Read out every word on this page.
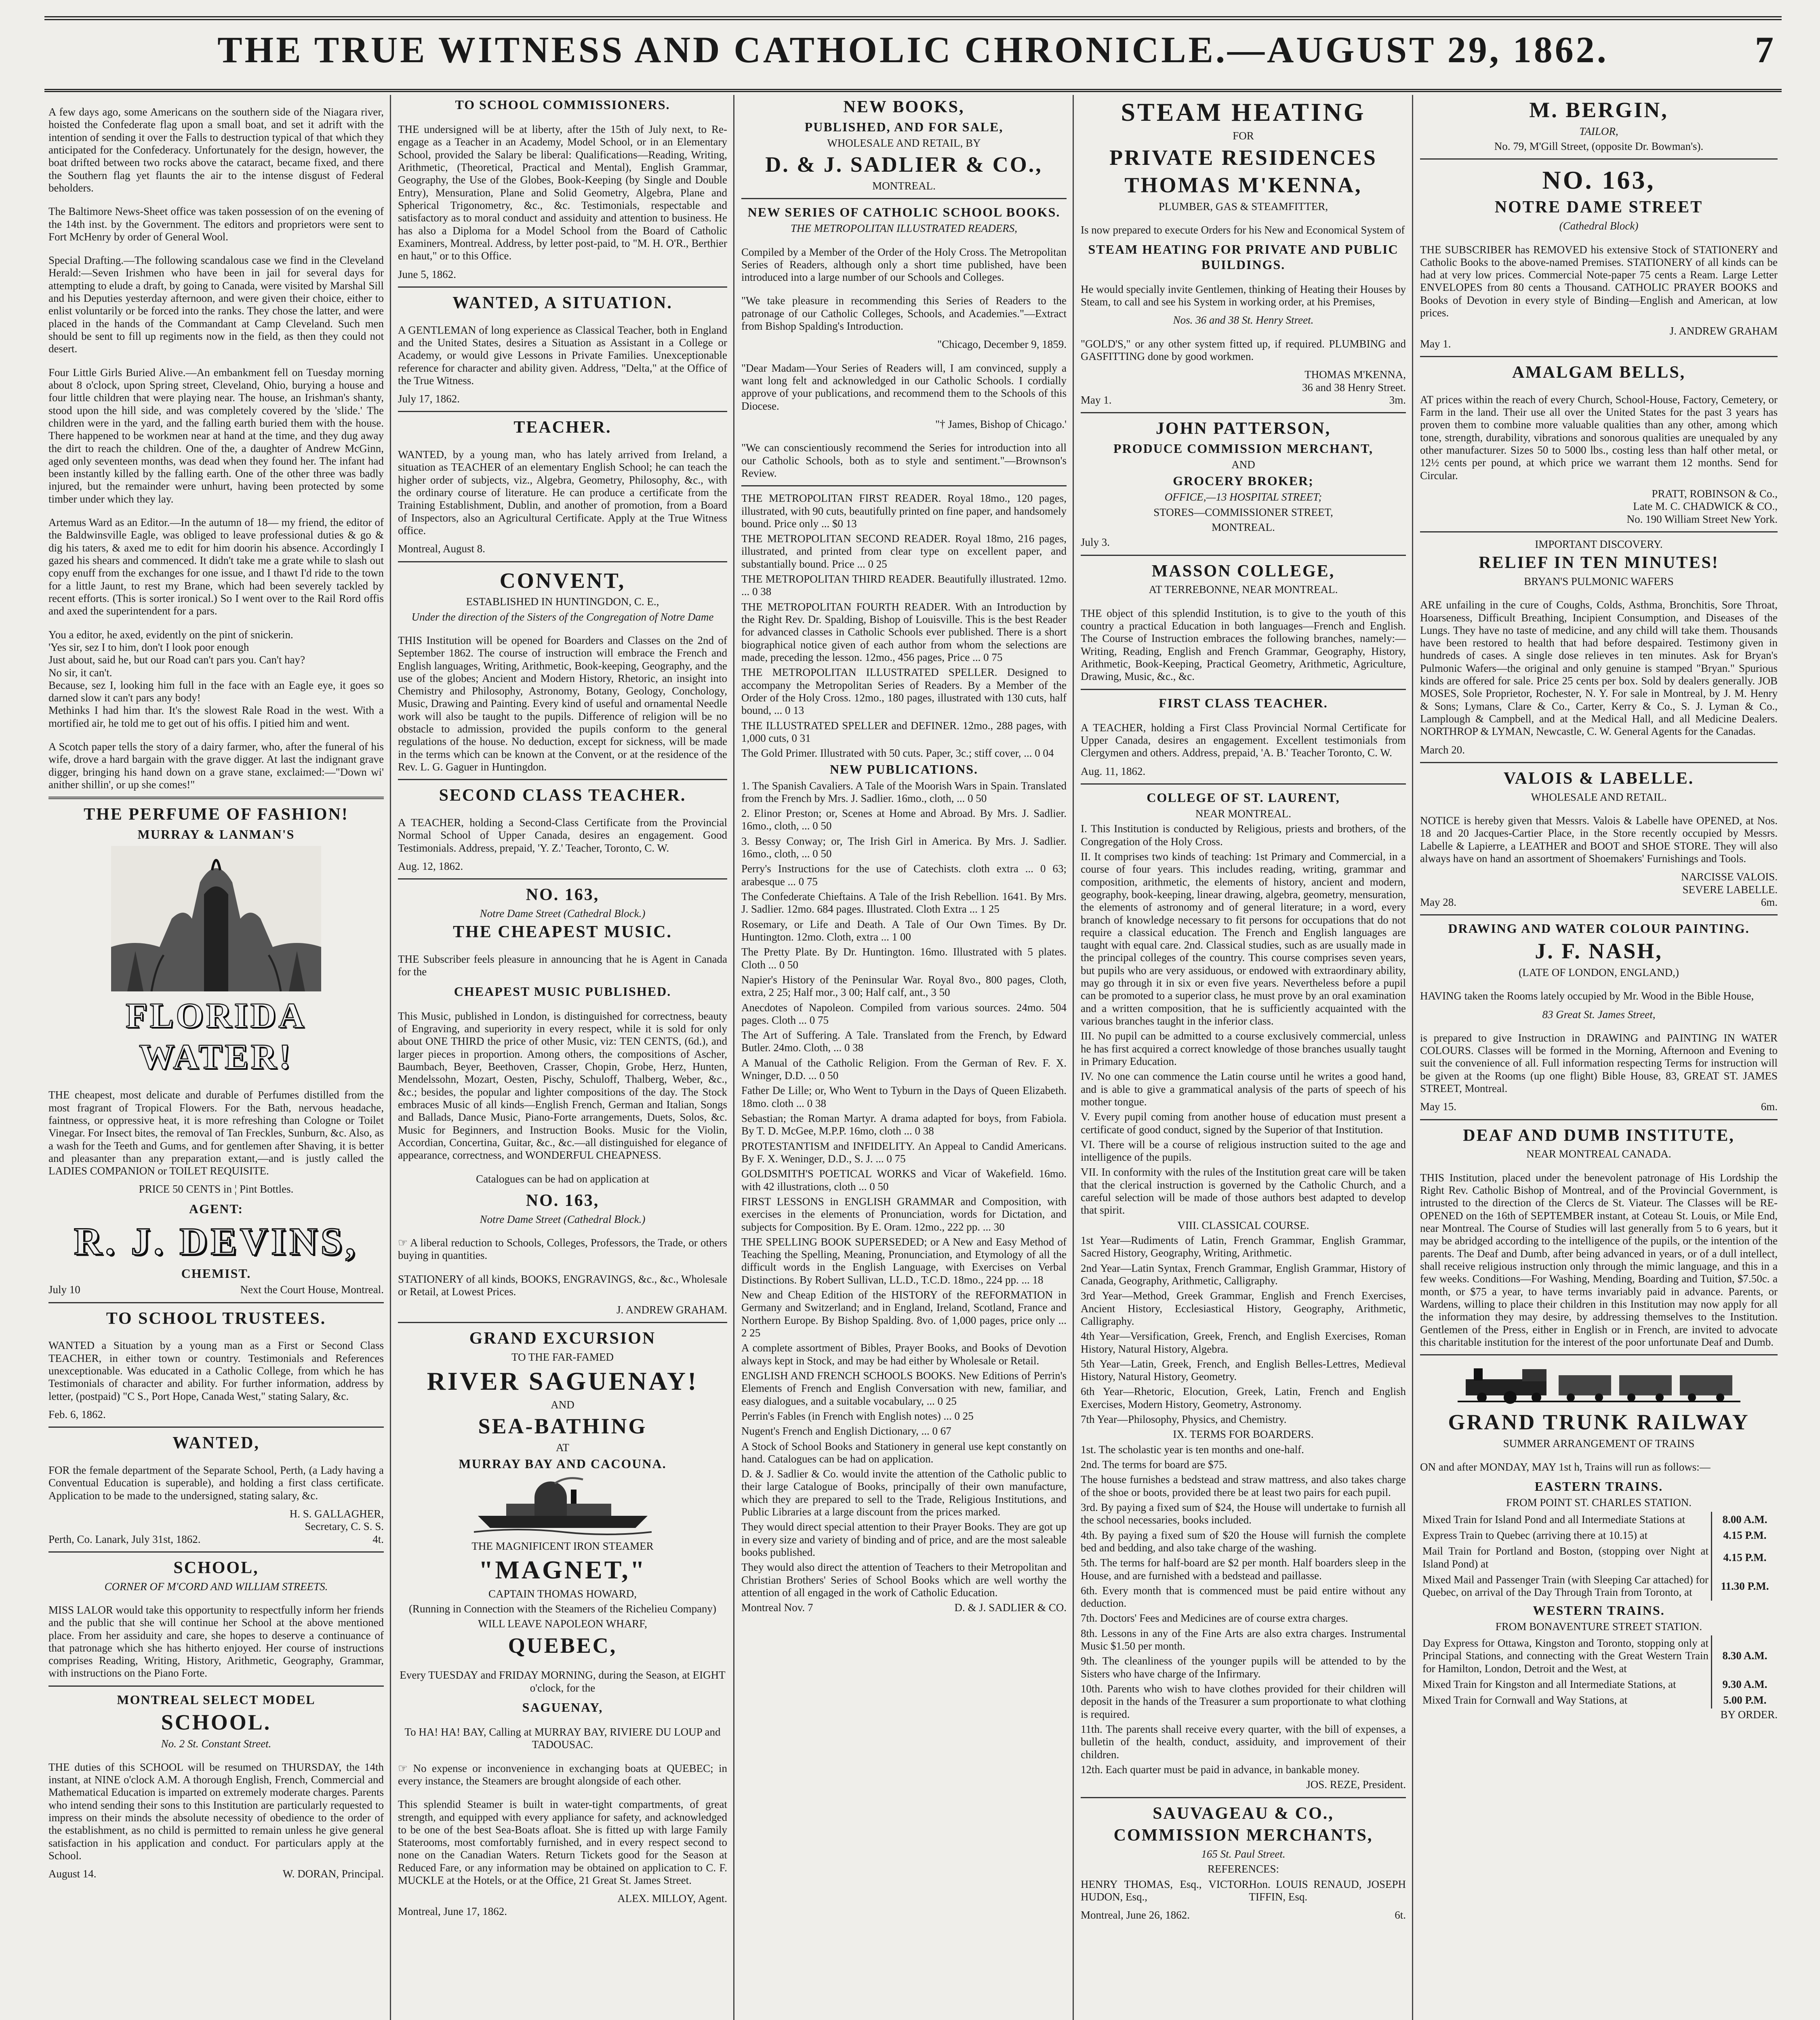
THE TRUE WITNESS AND CATHOLIC CHRONICLE.—AUGUST 29, 1862.	7

A few days ago, some Americans on the southern side of the Niagara river, hoisted the Confederate flag upon a small boat, and set it adrift with the intention of sending it over the Falls to destruction typical of that which they anticipated for the Confederacy. Unfortunately for the design, however, the boat drifted between two rocks above the cataract, became fixed, and there the Southern flag yet flaunts the air to the intense disgust of Federal beholders.

The Baltimore News-Sheet office was taken possession of on the evening of the 14th inst. by the Government. The editors and proprietors were sent to Fort McHenry by order of General Wool.

Special Drafting.—The following scandalous case we find in the Cleveland Herald:—Seven Irishmen who have been in jail for several days for attempting to elude a draft, by going to Canada, were visited by Marshal Sill and his Deputies yesterday afternoon, and were given their choice, either to enlist voluntarily or be forced into the ranks. They chose the latter, and were placed in the hands of the Commandant at Camp Cleveland. Such men should be sent to fill up regiments now in the field, as then they could not desert.

Four Little Girls Buried Alive.—An embankment fell on Tuesday morning about 8 o'clock, upon Spring street, Cleveland, Ohio, burying a house and four little children that were playing near. The house, an Irishman's shanty, stood upon the hill side, and was completely covered by the 'slide.' The children were in the yard, and the falling earth buried them with the house. There happened to be workmen near at hand at the time, and they dug away the dirt to reach the children. One of the, a daughter of Andrew McGinn, aged only seventeen months, was dead when they found her. The infant had been instantly killed by the falling earth. One of the other three was badly injured, but the remainder were unhurt, having been protected by some timber under which they lay.

Artemus Ward as an Editor.—In the autumn of 18— my friend, the editor of the Baldwinsville Eagle, was obliged to leave professional duties & go & dig his taters, & axed me to edit for him doorin his absence. Accordingly I gazed his shears and commenced. It didn't take me a grate while to slash out copy enuff from the exchanges for one issue, and I thawt I'd ride to the town for a little Jaunt, to rest my Brane, which had been severely tackled by recent efforts. (This is sorter ironical.) So I went over to the Rail Rord offis and axed the superintendent for a pars.

You a editor, he axed, evidently on the pint of snickerin.
'Yes sir, sez I to him, don't I look poor enough
Just about, said he, but our Road can't pars you. Can't hay?
No sir, it can't.
Because, sez I, looking him full in the face with an Eagle eye, it goes so darned slow it can't pars any body!
Methinks I had him thar. It's the slowest Rale Road in the west. With a mortified air, he told me to get out of his offis. I pitied him and went.

A Scotch paper tells the story of a dairy farmer, who, after the funeral of his wife, drove a hard bargain with the grave digger. At last the indignant grave digger, bringing his hand down on a grave stane, exclaimed:—"Down wi' anither shillin', or up she comes!"

THE PERFUME OF FASHION!
MURRAY & LANMAN'S
FLORIDA WATER!

THE cheapest, most delicate and durable of Perfumes distilled from the most fragrant of Tropical Flowers. For the Bath, nervous headache, faintness, or oppressive heat, it is more refreshing than Cologne or Toilet Vinegar. For Insect bites, the removal of Tan Freckles, Sunburn, &c. Also, as a wash for the Teeth and Gums, and for gentlemen after Shaving, it is better and pleasanter than any preparation extant,—and is justly called the LADIES COMPANION or TOILET REQUISITE.

PRICE 50 CENTS in ¦ Pint Bottles.
AGENT:
R. J. DEVINS,
CHEMIST.
July 10	Next the Court House, Montreal.
TO SCHOOL TRUSTEES.

WANTED a Situation by a young man as a First or Second Class TEACHER, in either town or country. Testimonials and References unexceptionable. Was educated in a Catholic College, from which he has Testimonials of character and ability. For further information, address by letter, (postpaid) "C S., Port Hope, Canada West," stating Salary, &c.

Feb. 6, 1862.
WANTED,

FOR the female department of the Separate School, Perth, (a Lady having a Conventual Education is superable), and holding a first class certificate. Application to be made to the undersigned, stating salary, &c.

H. S. GALLAGHER,
Secretary, C. S. S.
Perth, Co. Lanark, July 31st, 1862.	4t.
SCHOOL,
CORNER OF M'CORD AND WILLIAM STREETS.

MISS LALOR would take this opportunity to respectfully inform her friends and the public that she will continue her School at the above mentioned place. From her assiduity and care, she hopes to deserve a continuance of that patronage which she has hitherto enjoyed. Her course of instructions comprises Reading, Writing, History, Arithmetic, Geography, Grammar, with instructions on the Piano Forte.

MONTREAL SELECT MODEL
SCHOOL.
No. 2 St. Constant Street.

THE duties of this SCHOOL will be resumed on THURSDAY, the 14th instant, at NINE o'clock A.M. A thorough English, French, Commercial and Mathematical Education is imparted on extremely moderate charges. Parents who intend sending their sons to this Institution are particularly requested to impress on their minds the absolute necessity of obedience to the order of the establishment, as no child is permitted to remain unless he give general satisfaction in his application and conduct. For particulars apply at the School.

August 14.	W. DORAN, Principal.
TO SCHOOL COMMISSIONERS.

THE undersigned will be at liberty, after the 15th of July next, to Re-engage as a Teacher in an Academy, Model School, or in an Elementary School, provided the Salary be liberal: Qualifications—Reading, Writing, Arithmetic, (Theoretical, Practical and Mental), English Grammar, Geography, the Use of the Globes, Book-Keeping (by Single and Double Entry), Mensuration, Plane and Solid Geometry, Algebra, Plane and Spherical Trigonometry, &c., &c. Testimonials, respectable and satisfactory as to moral conduct and assiduity and attention to business. He has also a Diploma for a Model School from the Board of Catholic Examiners, Montreal. Address, by letter post-paid, to "M. H. O'R., Berthier en haut," or to this Office.

June 5, 1862.
WANTED, A SITUATION.

A GENTLEMAN of long experience as Classical Teacher, both in England and the United States, desires a Situation as Assistant in a College or Academy, or would give Lessons in Private Families. Unexceptionable reference for character and ability given. Address, "Delta," at the Office of the True Witness.

July 17, 1862.
TEACHER.

WANTED, by a young man, who has lately arrived from Ireland, a situation as TEACHER of an elementary English School; he can teach the higher order of subjects, viz., Algebra, Geometry, Philosophy, &c., with the ordinary course of literature. He can produce a certificate from the Training Establishment, Dublin, and another of promotion, from a Board of Inspectors, also an Agricultural Certificate. Apply at the True Witness office.

Montreal, August 8.
CONVENT,
ESTABLISHED IN HUNTINGDON, C. E.,
Under the direction of the Sisters of the Congregation of Notre Dame

THIS Institution will be opened for Boarders and Classes on the 2nd of September 1862. The course of instruction will embrace the French and English languages, Writing, Arithmetic, Book-keeping, Geography, and the use of the globes; Ancient and Modern History, Rhetoric, an insight into Chemistry and Philosophy, Astronomy, Botany, Geology, Conchology, Music, Drawing and Painting. Every kind of useful and ornamental Needle work will also be taught to the pupils. Difference of religion will be no obstacle to admission, provided the pupils conform to the general regulations of the house. No deduction, except for sickness, will be made in the terms which can be known at the Convent, or at the residence of the Rev. L. G. Gaguer in Huntingdon.

SECOND CLASS TEACHER.

A TEACHER, holding a Second-Class Certificate from the Provincial Normal School of Upper Canada, desires an engagement. Good Testimonials. Address, prepaid, 'Y. Z.' Teacher, Toronto, C. W.

Aug. 12, 1862.
NO. 163,
Notre Dame Street (Cathedral Block.)
THE CHEAPEST MUSIC.

THE Subscriber feels pleasure in announcing that he is Agent in Canada for the

CHEAPEST MUSIC PUBLISHED.

This Music, published in London, is distinguished for correctness, beauty of Engraving, and superiority in every respect, while it is sold for only about ONE THIRD the price of other Music, viz: TEN CENTS, (6d.), and larger pieces in proportion. Among others, the compositions of Ascher, Baumbach, Beyer, Beethoven, Crasser, Chopin, Grobe, Herz, Hunten, Mendelssohn, Mozart, Oesten, Pischy, Schuloff, Thalberg, Weber, &c., &c.; besides, the popular and lighter compositions of the day. The Stock embraces Music of all kinds—English French, German and Italian, Songs and Ballads, Dance Music, Piano-Forte arrangements, Duets, Solos, &c. Music for Beginners, and Instruction Books. Music for the Violin, Accordian, Concertina, Guitar, &c., &c.—all distinguished for elegance of appearance, correctness, and WONDERFUL CHEAPNESS.

Catalogues can be had on application at

NO. 163,
Notre Dame Street (Cathedral Block.)

☞ A liberal reduction to Schools, Colleges, Professors, the Trade, or others buying in quantities.

STATIONERY of all kinds, BOOKS, ENGRAVINGS, &c., &c., Wholesale or Retail, at Lowest Prices.

J. ANDREW GRAHAM.
GRAND EXCURSION
TO THE FAR-FAMED
RIVER SAGUENAY!
AND
SEA-BATHING
AT
MURRAY BAY AND CACOUNA.
THE MAGNIFICENT IRON STEAMER
"MAGNET,"
CAPTAIN THOMAS HOWARD,
(Running in Connection with the Steamers of the Richelieu Company)
WILL LEAVE NAPOLEON WHARF,
QUEBEC,

Every TUESDAY and FRIDAY MORNING, during the Season, at EIGHT o'clock, for the

SAGUENAY,

To HA! HA! BAY, Calling at MURRAY BAY, RIVIERE DU LOUP and TADOUSAC.

☞ No expense or inconvenience in exchanging boats at QUEBEC; in every instance, the Steamers are brought alongside of each other.

This splendid Steamer is built in water-tight compartments, of great strength, and equipped with every appliance for safety, and acknowledged to be one of the best Sea-Boats afloat. She is fitted up with large Family Staterooms, most comfortably furnished, and in every respect second to none on the Canadian Waters. Return Tickets good for the Season at Reduced Fare, or any information may be obtained on application to C. F. MUCKLE at the Hotels, or at the Office, 21 Great St. James Street.

ALEX. MILLOY, Agent.
Montreal, June 17, 1862.
NEW BOOKS,
PUBLISHED, AND FOR SALE,
WHOLESALE AND RETAIL, BY
D. & J. SADLIER & CO.,
MONTREAL.
NEW SERIES OF CATHOLIC SCHOOL BOOKS.
THE METROPOLITAN ILLUSTRATED READERS,

Compiled by a Member of the Order of the Holy Cross. The Metropolitan Series of Readers, although only a short time published, have been introduced into a large number of our Schools and Colleges.

"We take pleasure in recommending this Series of Readers to the patronage of our Catholic Colleges, Schools, and Academies."—Extract from Bishop Spalding's Introduction.

"Chicago, December 9, 1859.

"Dear Madam—Your Series of Readers will, I am convinced, supply a want long felt and acknowledged in our Catholic Schools. I cordially approve of your publications, and recommend them to the Schools of this Diocese.

"† James, Bishop of Chicago.'

"We can conscientiously recommend the Series for introduction into all our Catholic Schools, both as to style and sentiment."—Brownson's Review.

THE METROPOLITAN FIRST READER. Royal 18mo., 120 pages, illustrated, with 90 cuts, beautifully printed on fine paper, and handsomely bound. Price only ... $0 13

THE METROPOLITAN SECOND READER. Royal 18mo, 216 pages, illustrated, and printed from clear type on excellent paper, and substantially bound. Price ... 0 25

THE METROPOLITAN THIRD READER. Beautifully illustrated. 12mo. ... 0 38

THE METROPOLITAN FOURTH READER. With an Introduction by the Right Rev. Dr. Spalding, Bishop of Louisville. This is the best Reader for advanced classes in Catholic Schools ever published. There is a short biographical notice given of each author from whom the selections are made, preceding the lesson. 12mo., 456 pages, Price ... 0 75

THE METROPOLITAN ILLUSTRATED SPELLER. Designed to accompany the Metropolitan Series of Readers. By a Member of the Order of the Holy Cross. 12mo., 180 pages, illustrated with 130 cuts, half bound, ... 0 13

THE ILLUSTRATED SPELLER and DEFINER. 12mo., 288 pages, with 1,000 cuts, 0 31

The Gold Primer. Illustrated with 50 cuts. Paper, 3c.; stiff cover, ... 0 04

NEW PUBLICATIONS.

1. The Spanish Cavaliers. A Tale of the Moorish Wars in Spain. Translated from the French by Mrs. J. Sadlier. 16mo., cloth, ... 0 50

2. Elinor Preston; or, Scenes at Home and Abroad. By Mrs. J. Sadlier. 16mo., cloth, ... 0 50

3. Bessy Conway; or, The Irish Girl in America. By Mrs. J. Sadlier. 16mo., cloth, ... 0 50

Perry's Instructions for the use of Catechists. cloth extra ... 0 63; arabesque ... 0 75

The Confederate Chieftains. A Tale of the Irish Rebellion. 1641. By Mrs. J. Sadlier. 12mo. 684 pages. Illustrated. Cloth Extra ... 1 25

Rosemary, or Life and Death. A Tale of Our Own Times. By Dr. Huntington. 12mo. Cloth, extra ... 1 00

The Pretty Plate. By Dr. Huntington. 16mo. Illustrated with 5 plates. Cloth ... 0 50

Napier's History of the Peninsular War. Royal 8vo., 800 pages, Cloth, extra, 2 25; Half mor., 3 00; Half calf, ant., 3 50

Anecdotes of Napoleon. Compiled from various sources. 24mo. 504 pages. Cloth ... 0 75

The Art of Suffering. A Tale. Translated from the French, by Edward Butler. 24mo. Cloth, ... 0 38

A Manual of the Catholic Religion. From the German of Rev. F. X. Wninger, D.D. ... 0 50

Father De Lille; or, Who Went to Tyburn in the Days of Queen Elizabeth. 18mo. cloth ... 0 38

Sebastian; the Roman Martyr. A drama adapted for boys, from Fabiola. By T. D. McGee, M.P.P. 16mo, cloth ... 0 38

PROTESTANTISM and INFIDELITY. An Appeal to Candid Americans. By F. X. Weninger, D.D., S. J. ... 0 75

GOLDSMITH'S POETICAL WORKS and Vicar of Wakefield. 16mo. with 42 illustrations, cloth ... 0 50

FIRST LESSONS in ENGLISH GRAMMAR and Composition, with exercises in the elements of Pronunciation, words for Dictation, and subjects for Composition. By E. Oram. 12mo., 222 pp. ... 30

THE SPELLING BOOK SUPERSEDED; or A New and Easy Method of Teaching the Spelling, Meaning, Pronunciation, and Etymology of all the difficult words in the English Language, with Exercises on Verbal Distinctions. By Robert Sullivan, LL.D., T.C.D. 18mo., 224 pp. ... 18

New and Cheap Edition of the HISTORY of the REFORMATION in Germany and Switzerland; and in England, Ireland, Scotland, France and Northern Europe. By Bishop Spalding. 8vo. of 1,000 pages, price only ... 2 25

A complete assortment of Bibles, Prayer Books, and Books of Devotion always kept in Stock, and may be had either by Wholesale or Retail.

ENGLISH AND FRENCH SCHOOLS BOOKS. New Editions of Perrin's Elements of French and English Conversation with new, familiar, and easy dialogues, and a suitable vocabulary, ... 0 25

Perrin's Fables (in French with English notes) ... 0 25

Nugent's French and English Dictionary, ... 0 67

A Stock of School Books and Stationery in general use kept constantly on hand. Catalogues can be had on application.

D. & J. Sadlier & Co. would invite the attention of the Catholic public to their large Catalogue of Books, principally of their own manufacture, which they are prepared to sell to the Trade, Religious Institutions, and Public Libraries at a large discount from the prices marked.

They would direct special attention to their Prayer Books. They are got up in every size and variety of binding and of price, and are the most saleable books published.

They would also direct the attention of Teachers to their Metropolitan and Christian Brothers' Series of School Books which are well worthy the attention of all engaged in the work of Catholic Education.

Montreal Nov. 7	D. & J. SADLIER & CO.
STEAM HEATING
FOR
PRIVATE RESIDENCES
THOMAS M'KENNA,
PLUMBER, GAS & STEAMFITTER,

Is now prepared to execute Orders for his New and Economical System of

STEAM HEATING FOR PRIVATE AND PUBLIC BUILDINGS.

He would specially invite Gentlemen, thinking of Heating their Houses by Steam, to call and see his System in working order, at his Premises,

Nos. 36 and 38 St. Henry Street.

"GOLD'S," or any other system fitted up, if required. PLUMBING and GASFITTING done by good workmen.

THOMAS M'KENNA,
36 and 38 Henry Street.
May 1.	3m.
JOHN PATTERSON,
PRODUCE COMMISSION MERCHANT,
AND
GROCERY BROKER;
OFFICE,—13 HOSPITAL STREET;
STORES—COMMISSIONER STREET,
MONTREAL.
July 3.
MASSON COLLEGE,
AT TERREBONNE, NEAR MONTREAL.

THE object of this splendid Institution, is to give to the youth of this country a practical Education in both languages—French and English. The Course of Instruction embraces the following branches, namely:—Writing, Reading, English and French Grammar, Geography, History, Arithmetic, Book-Keeping, Practical Geometry, Arithmetic, Agriculture, Drawing, Music, &c., &c.

FIRST CLASS TEACHER.

A TEACHER, holding a First Class Provincial Normal Certificate for Upper Canada, desires an engagement. Excellent testimonials from Clergymen and others. Address, prepaid, 'A. B.' Teacher Toronto, C. W.

Aug. 11, 1862.
COLLEGE OF ST. LAURENT,
NEAR MONTREAL.

I. This Institution is conducted by Religious, priests and brothers, of the Congregation of the Holy Cross.

II. It comprises two kinds of teaching: 1st Primary and Commercial, in a course of four years. This includes reading, writing, grammar and composition, arithmetic, the elements of history, ancient and modern, geography, book-keeping, linear drawing, algebra, geometry, mensuration, the elements of astronomy and of general literature; in a word, every branch of knowledge necessary to fit persons for occupations that do not require a classical education. The French and English languages are taught with equal care. 2nd. Classical studies, such as are usually made in the principal colleges of the country. This course comprises seven years, but pupils who are very assiduous, or endowed with extraordinary ability, may go through it in six or even five years. Nevertheless before a pupil can be promoted to a superior class, he must prove by an oral examination and a written composition, that he is sufficiently acquainted with the various branches taught in the inferior class.

III. No pupil can be admitted to a course exclusively commercial, unless he has first acquired a correct knowledge of those branches usually taught in Primary Education.

IV. No one can commence the Latin course until he writes a good hand, and is able to give a grammatical analysis of the parts of speech of his mother tongue.

V. Every pupil coming from another house of education must present a certificate of good conduct, signed by the Superior of that Institution.

VI. There will be a course of religious instruction suited to the age and intelligence of the pupils.

VII. In conformity with the rules of the Institution great care will be taken that the clerical instruction is governed by the Catholic Church, and a careful selection will be made of those authors best adapted to develop that spirit.

VIII. CLASSICAL COURSE.

1st Year—Rudiments of Latin, French Grammar, English Grammar, Sacred History, Geography, Writing, Arithmetic.

2nd Year—Latin Syntax, French Grammar, English Grammar, History of Canada, Geography, Arithmetic, Calligraphy.

3rd Year—Method, Greek Grammar, English and French Exercises, Ancient History, Ecclesiastical History, Geography, Arithmetic, Calligraphy.

4th Year—Versification, Greek, French, and English Exercises, Roman History, Natural History, Algebra.

5th Year—Latin, Greek, French, and English Belles-Lettres, Medieval History, Natural History, Geometry.

6th Year—Rhetoric, Elocution, Greek, Latin, French and English Exercises, Modern History, Geometry, Astronomy.

7th Year—Philosophy, Physics, and Chemistry.

IX. TERMS FOR BOARDERS.

1st. The scholastic year is ten months and one-half.

2nd. The terms for board are $75.

The house furnishes a bedstead and straw mattress, and also takes charge of the shoe or boots, provided there be at least two pairs for each pupil.

3rd. By paying a fixed sum of $24, the House will undertake to furnish all the school necessaries, books included.

4th. By paying a fixed sum of $20 the House will furnish the complete bed and bedding, and also take charge of the washing.

5th. The terms for half-board are $2 per month. Half boarders sleep in the House, and are furnished with a bedstead and paillasse.

6th. Every month that is commenced must be paid entire without any deduction.

7th. Doctors' Fees and Medicines are of course extra charges.

8th. Lessons in any of the Fine Arts are also extra charges. Instrumental Music $1.50 per month.

9th. The cleanliness of the younger pupils will be attended to by the Sisters who have charge of the Infirmary.

10th. Parents who wish to have clothes provided for their children will deposit in the hands of the Treasurer a sum proportionate to what clothing is required.

11th. The parents shall receive every quarter, with the bill of expenses, a bulletin of the health, conduct, assiduity, and improvement of their children.

12th. Each quarter must be paid in advance, in bankable money.

JOS. REZE, President.
SAUVAGEAU & CO.,
COMMISSION MERCHANTS,
165 St. Paul Street.
REFERENCES:
HENRY THOMAS, Esq., VICTOR HUDON, Esq.,
Hon. LOUIS RENAUD, JOSEPH TIFFIN, Esq.
Montreal, June 26, 1862.	6t.
M. BERGIN,
TAILOR,
No. 79, M'Gill Street, (opposite Dr. Bowman's).
NO. 163,
NOTRE DAME STREET
(Cathedral Block)

THE SUBSCRIBER has REMOVED his extensive Stock of STATIONERY and Catholic Books to the above-named Premises. STATIONERY of all kinds can be had at very low prices. Commercial Note-paper 75 cents a Ream. Large Letter ENVELOPES from 80 cents a Thousand. CATHOLIC PRAYER BOOKS and Books of Devotion in every style of Binding—English and American, at low prices.

J. ANDREW GRAHAM
May 1.
AMALGAM BELLS,

AT prices within the reach of every Church, School-House, Factory, Cemetery, or Farm in the land. Their use all over the United States for the past 3 years has proven them to combine more valuable qualities than any other, among which tone, strength, durability, vibrations and sonorous qualities are unequaled by any other manufacturer. Sizes 50 to 5000 lbs., costing less than half other metal, or 12½ cents per pound, at which price we warrant them 12 months. Send for Circular.

PRATT, ROBINSON & Co.,
Late M. C. CHADWICK & CO.,
No. 190 William Street New York.
IMPORTANT DISCOVERY.
RELIEF IN TEN MINUTES!
BRYAN'S PULMONIC WAFERS

ARE unfailing in the cure of Coughs, Colds, Asthma, Bronchitis, Sore Throat, Hoarseness, Difficult Breathing, Incipient Consumption, and Diseases of the Lungs. They have no taste of medicine, and any child will take them. Thousands have been restored to health that had before despaired. Testimony given in hundreds of cases. A single dose relieves in ten minutes. Ask for Bryan's Pulmonic Wafers—the original and only genuine is stamped "Bryan." Spurious kinds are offered for sale. Price 25 cents per box. Sold by dealers generally. JOB MOSES, Sole Proprietor, Rochester, N. Y. For sale in Montreal, by J. M. Henry & Sons; Lymans, Clare & Co., Carter, Kerry & Co., S. J. Lyman & Co., Lamplough & Campbell, and at the Medical Hall, and all Medicine Dealers. NORTHROP & LYMAN, Newcastle, C. W. General Agents for the Canadas.

March 20.
VALOIS & LABELLE.
WHOLESALE AND RETAIL.

NOTICE is hereby given that Messrs. Valois & Labelle have OPENED, at Nos. 18 and 20 Jacques-Cartier Place, in the Store recently occupied by Messrs. Labelle & Lapierre, a LEATHER and BOOT and SHOE STORE. They will also always have on hand an assortment of Shoemakers' Furnishings and Tools.

NARCISSE VALOIS.
SEVERE LABELLE.
May 28.	6m.
DRAWING AND WATER COLOUR PAINTING.
J. F. NASH,
(LATE OF LONDON, ENGLAND,)

HAVING taken the Rooms lately occupied by Mr. Wood in the Bible House,

83 Great St. James Street,

is prepared to give Instruction in DRAWING and PAINTING IN WATER COLOURS. Classes will be formed in the Morning, Afternoon and Evening to suit the convenience of all. Full information respecting Terms for instruction will be given at the Rooms (up one flight) Bible House, 83, GREAT ST. JAMES STREET, Montreal.

May 15.	6m.
DEAF AND DUMB INSTITUTE,
NEAR MONTREAL CANADA.

THIS Institution, placed under the benevolent patronage of His Lordship the Right Rev. Catholic Bishop of Montreal, and of the Provincial Government, is intrusted to the direction of the Clercs de St. Viateur. The Classes will be RE-OPENED on the 16th of SEPTEMBER instant, at Coteau St. Louis, or Mile End, near Montreal. The Course of Studies will last generally from 5 to 6 years, but it may be abridged according to the intelligence of the pupils, or the intention of the parents. The Deaf and Dumb, after being advanced in years, or of a dull intellect, shall receive religious instruction only through the mimic language, and this in a few weeks. Conditions—For Washing, Mending, Boarding and Tuition, $7.50c. a month, or $75 a year, to have terms invariably paid in advance. Parents, or Wardens, willing to place their children in this Institution may now apply for all the information they may desire, by addressing themselves to the Institution. Gentlemen of the Press, either in English or in French, are invited to advocate this charitable institution for the interest of the poor unfortunate Deaf and Dumb.

GRAND TRUNK RAILWAY
SUMMER ARRANGEMENT OF TRAINS

ON and after MONDAY, MAY 1st h, Trains will run as follows:—

EASTERN TRAINS.
FROM POINT ST. CHARLES STATION.
Mixed Train for Island Pond and all Intermediate Stations at	8.00 A.M.
Express Train to Quebec (arriving there at 10.15) at	4.15 P.M.
Mail Train for Portland and Boston, (stopping over Night at Island Pond) at	4.15 P.M.
Mixed Mail and Passenger Train (with Sleeping Car attached) for Quebec, on arrival of the Day Through Train from Toronto, at	11.30 P.M.
WESTERN TRAINS.
FROM BONAVENTURE STREET STATION.
Day Express for Ottawa, Kingston and Toronto, stopping only at Principal Stations, and connecting with the Great Western Train for Hamilton, London, Detroit and the West, at	8.30 A.M.
Mixed Train for Kingston and all Intermediate Stations, at	9.30 A.M.
Mixed Train for Cornwall and Way Stations, at	5.00 P.M.
BY ORDER.
